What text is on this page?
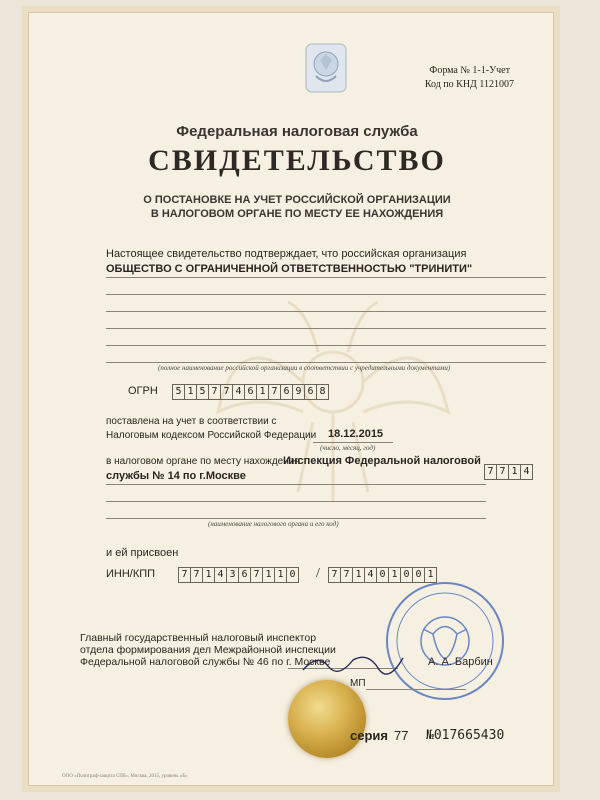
Форма № 1-1-Учет
Код по КНД 1121007
Федеральная налоговая служба
СВИДЕТЕЛЬСТВО
О ПОСТАНОВКЕ НА УЧЕТ РОССИЙСКОЙ ОРГАНИЗАЦИИ
В НАЛОГОВОМ ОРГАНЕ ПО МЕСТУ ЕЕ НАХОЖДЕНИЯ
Настоящее свидетельство подтверждает, что российская организация
ОБЩЕСТВО С ОГРАНИЧЕННОЙ ОТВЕТСТВЕННОСТЬЮ "ТРИНИТИ"
(полное наименование российской организации в соответствии с учредительными документами)
ОГРН 5 1 5 7 7 4 6 1 7 6 9 6 8
поставлена на учет в соответствии с
Налоговым кодексом Российской Федерации 18.12.2015
(число, месяц, год)
в налоговом органе по месту нахождения
Инспекция Федеральной налоговой
службы № 14 по г.Москве	7 7 1 4
(наименование налогового органа и его код)
и ей присвоен
ИНН/КПП	7 7 1 4 3 6 7 1 1 0 / 7 7 1 4 0 1 0 0 1
Главный государственный налоговый инспектор
отдела формирования дел Межрайонной инспекции
Федеральной налоговой службы № 46 по г. Москве	А. А. Барбин
МП
серия 77 №017665430
ООО «Полиграф-защита СПб», Москва, 2015, уровень «Б»
